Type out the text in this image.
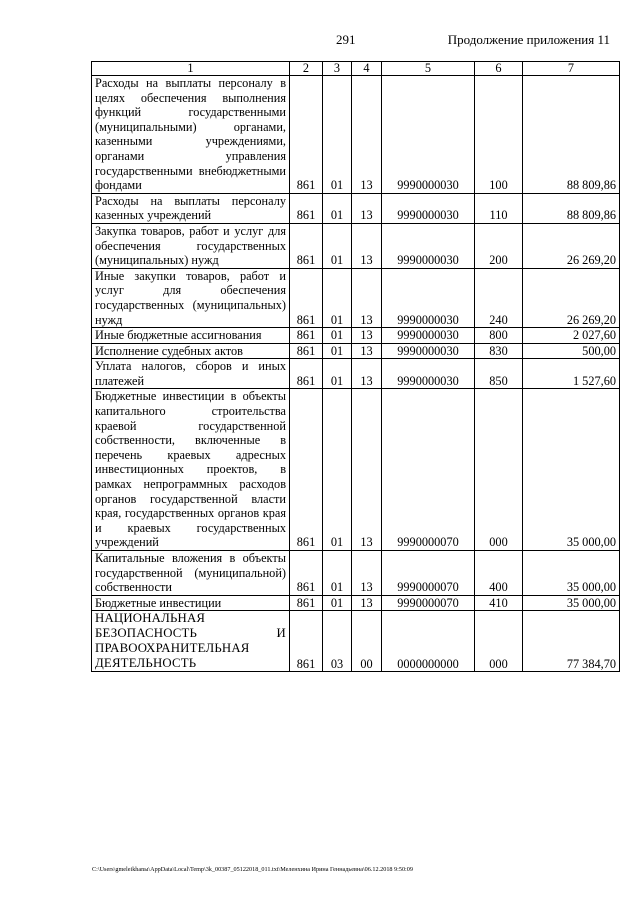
291	Продолжение приложения 11
1	2	3	4	5	6	7
Расходы на выплаты персоналу в целях обеспечения выполнения функций государственными (муниципальными) органами, казенными учреждениями, органами управления государственными внебюджетными фондами	861	01	13	9990000030	100	88 809,86
Расходы на выплаты персоналу казенных учреждений	861	01	13	9990000030	110	88 809,86
Закупка товаров, работ и услуг для обеспечения государственных (муниципальных) нужд	861	01	13	9990000030	200	26 269,20
Иные закупки товаров, работ и услуг для обеспечения государственных (муниципальных) нужд	861	01	13	9990000030	240	26 269,20
Иные бюджетные ассигнования	861	01	13	9990000030	800	2 027,60
Исполнение судебных актов	861	01	13	9990000030	830	500,00
Уплата налогов, сборов и иных платежей	861	01	13	9990000030	850	1 527,60
Бюджетные инвестиции в объекты капитального строительства краевой государственной собственности, включенные в перечень краевых адресных инвестиционных проектов, в рамках непрограммных расходов органов государственной власти края, государственных органов края и краевых государственных учреждений	861	01	13	9990000070	000	35 000,00
Капитальные вложения в объекты государственной (муниципальной) собственности	861	01	13	9990000070	400	35 000,00
Бюджетные инвестиции	861	01	13	9990000070	410	35 000,00
НАЦИОНАЛЬНАЯ БЕЗОПАСНОСТЬ И ПРАВООХРАНИТЕЛЬНАЯ ДЕЯТЕЛЬНОСТЬ	861	03	00	0000000000	000	77 384,70
C:\Users\gmeleikhanы\AppData\Local\Temp\3k_00387_05122018_011.txt\Меленхина Ирина Геннадьевна\06.12.2018 9:50:09
